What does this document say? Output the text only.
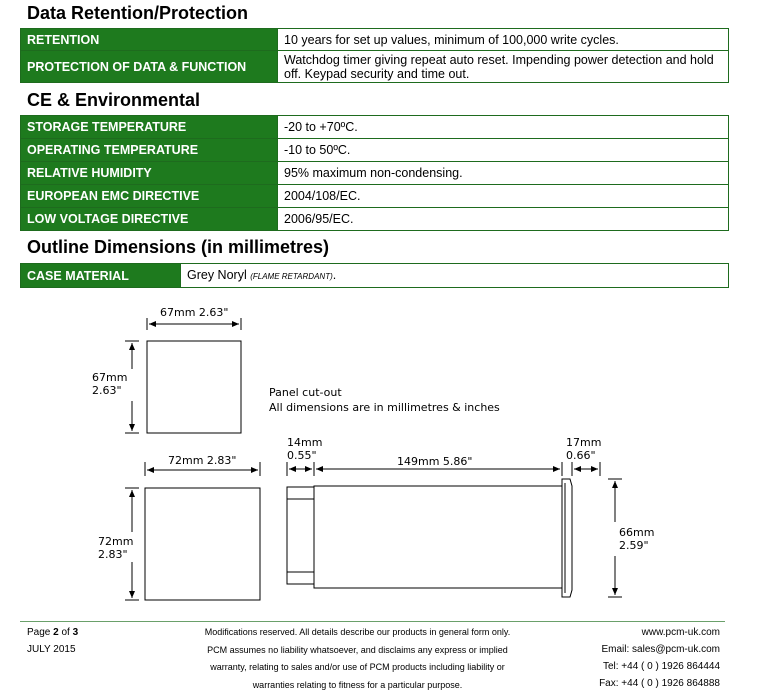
Data Retention/Protection
RETENTION	10 years for set up values, minimum of 100,000 write cycles.
PROTECTION OF DATA & FUNCTION	Watchdog timer giving repeat auto reset. Impending power detection and hold off. Keypad security and time out.
CE & Environmental
STORAGE TEMPERATURE	-20 to +70ºC.
OPERATING TEMPERATURE	-10 to 50ºC.
RELATIVE HUMIDITY	95% maximum non-condensing.
EUROPEAN EMC DIRECTIVE	2004/108/EC.
LOW VOLTAGE DIRECTIVE	2006/95/EC.
Outline Dimensions (in millimetres)
CASE MATERIAL	Grey Noryl (FLAME RETARDANT).
67mm 2.63"
67mm
2.63"	Panel cut-out
All dimensions are in millimetres & inches
72mm 2.83"
72mm
2.83"
14mm
0.55"	149mm 5.86"
17mm
0.66"
66mm
2.59"
Page 2 of 3
JULY 2015
Modifications reserved. All details describe our products in general form only.
PCM assumes no liability whatsoever, and disclaims any express or implied
warranty, relating to sales and/or use of PCM products including liability or
warranties relating to fitness for a particular purpose.
www.pcm-uk.com
Email: sales@pcm-uk.com
Tel: +44 ( 0 ) 1926 864444
Fax: +44 ( 0 ) 1926 864888
